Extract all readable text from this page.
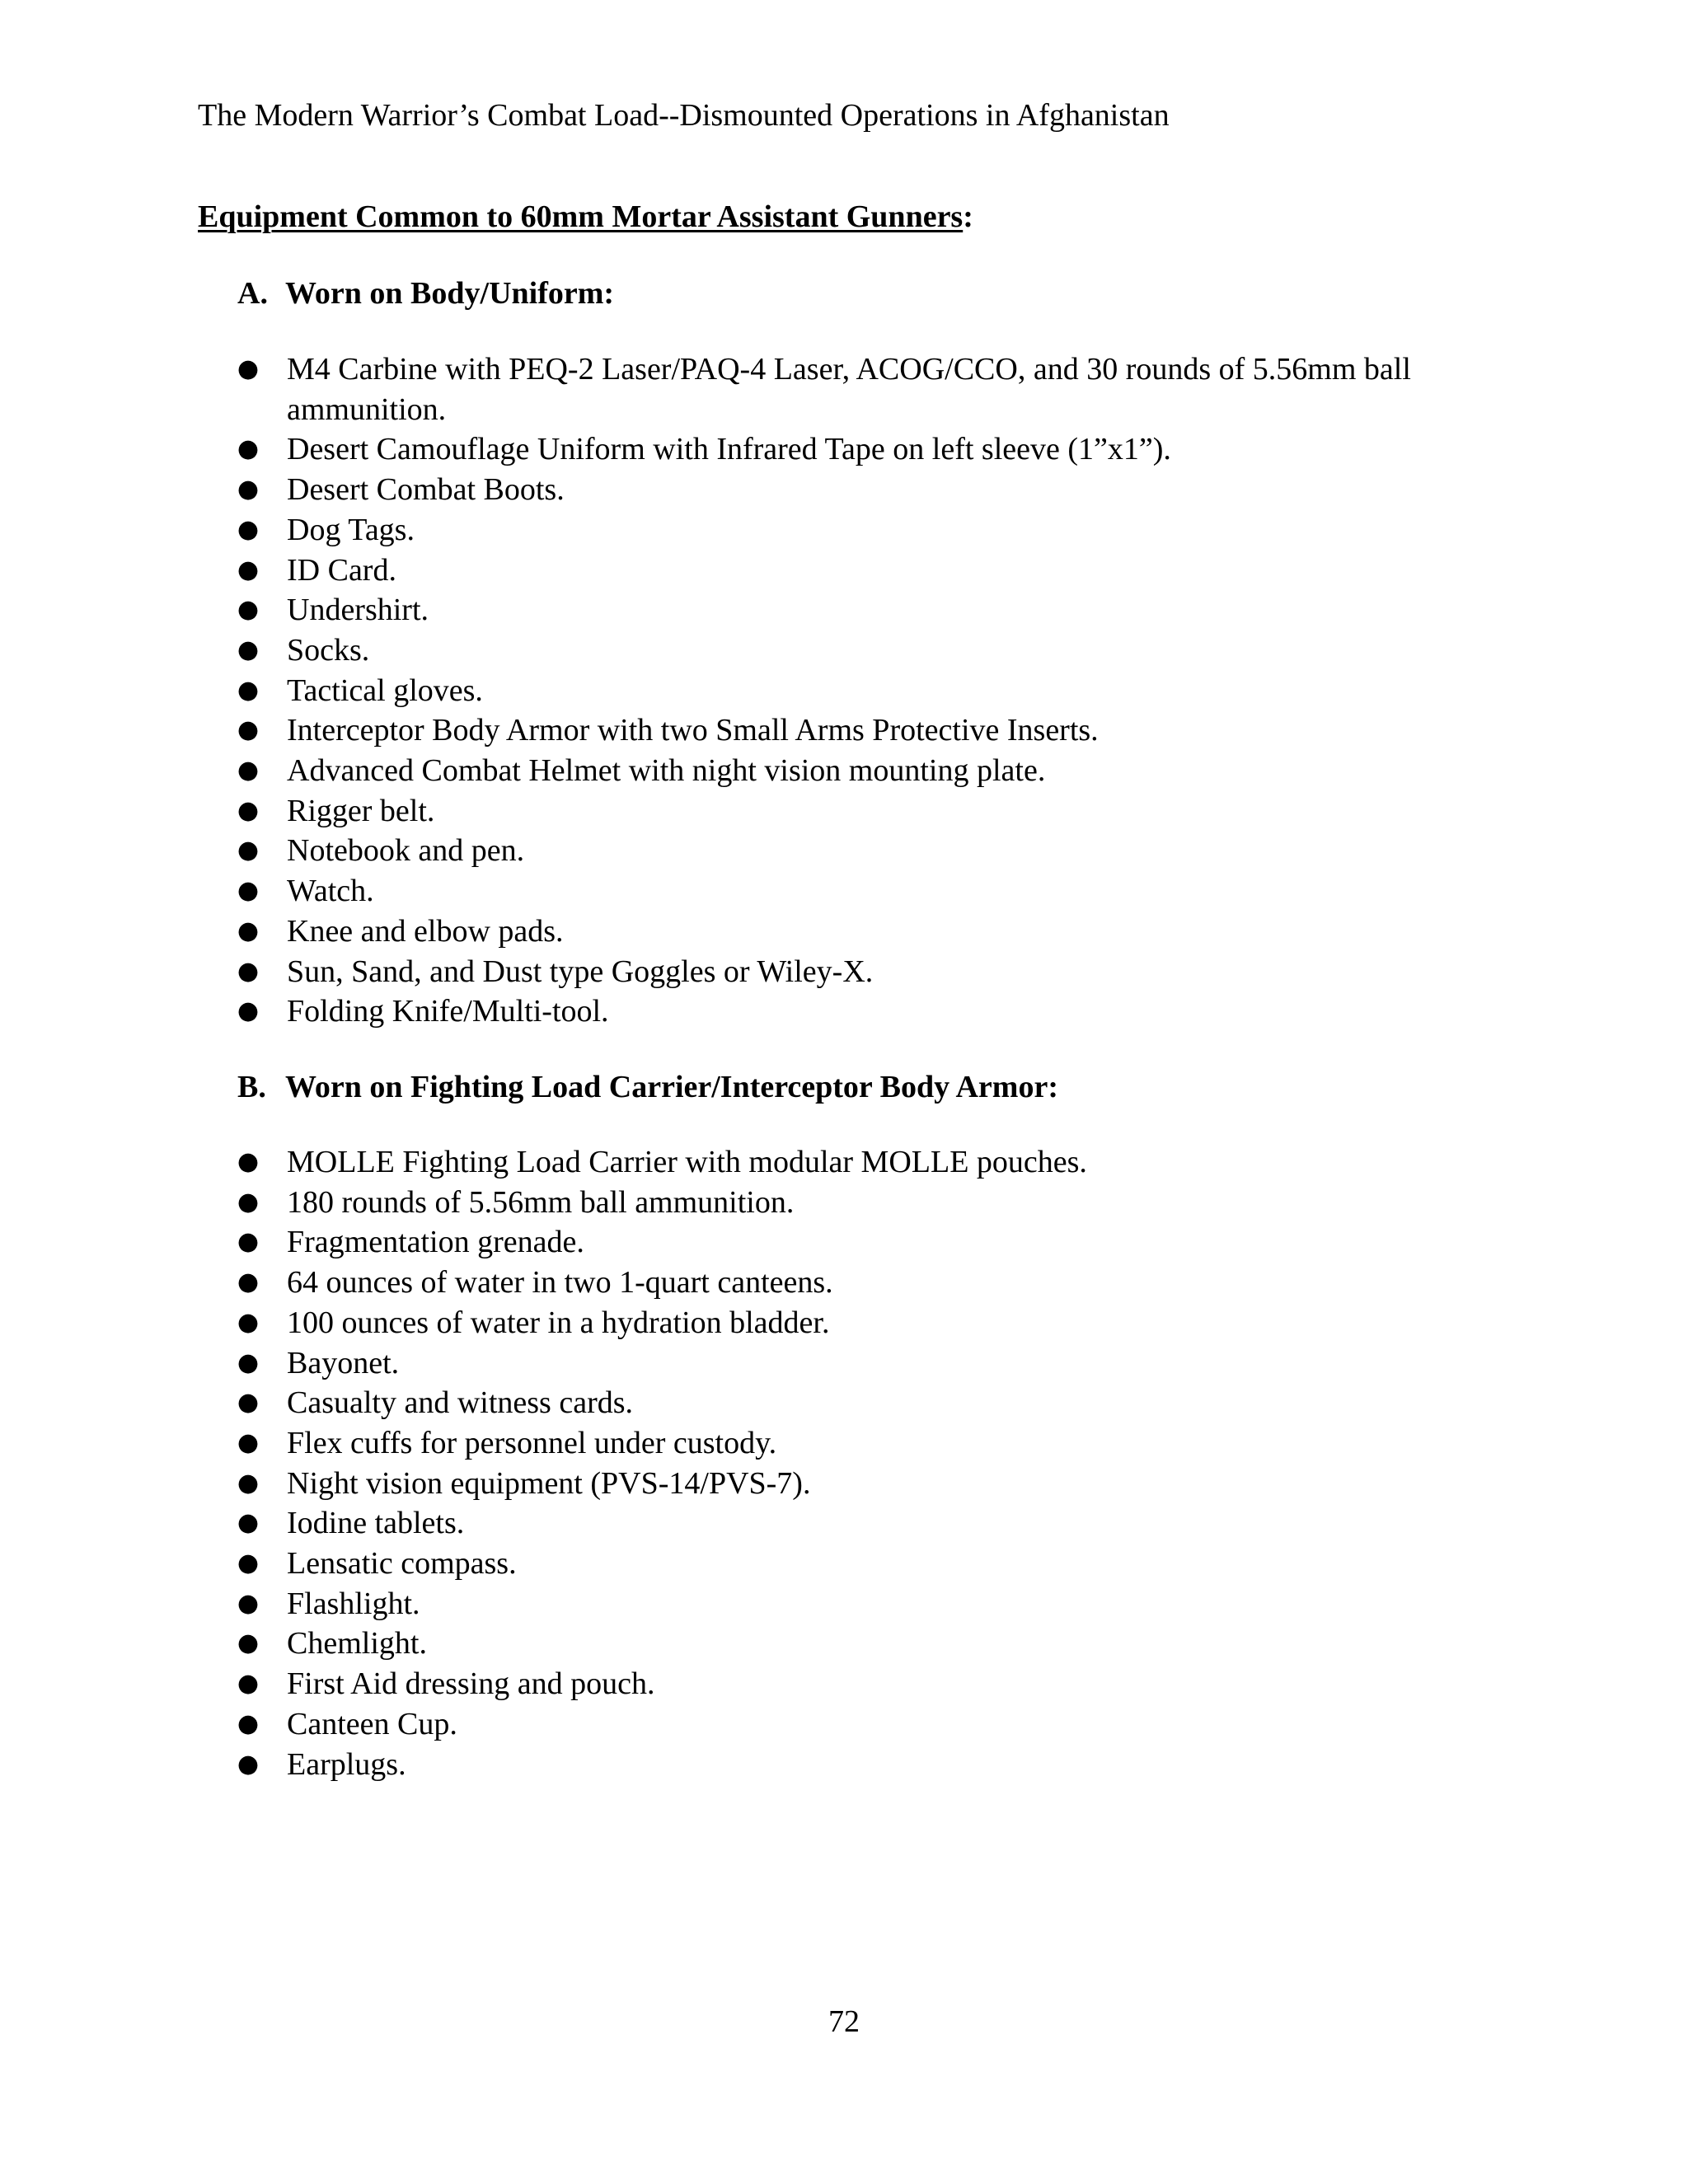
The Modern Warrior’s Combat Load--Dismounted Operations in Afghanistan
Equipment Common to 60mm Mortar Assistant Gunners:
A. Worn on Body/Uniform:
● M4 Carbine with PEQ-2 Laser/PAQ-4 Laser, ACOG/CCO, and 30 rounds of 5.56mm ball
ammunition.
● Desert Camouflage Uniform with Infrared Tape on left sleeve (1”x1”).
● Desert Combat Boots.
● Dog Tags.
● ID Card.
● Undershirt.
● Socks.
● Tactical gloves.
● Interceptor Body Armor with two Small Arms Protective Inserts.
● Advanced Combat Helmet with night vision mounting plate.
● Rigger belt.
● Notebook and pen.
● Watch.
● Knee and elbow pads.
● Sun, Sand, and Dust type Goggles or Wiley-X.
● Folding Knife/Multi-tool.
B. Worn on Fighting Load Carrier/Interceptor Body Armor:
● MOLLE Fighting Load Carrier with modular MOLLE pouches.
● 180 rounds of 5.56mm ball ammunition.
● Fragmentation grenade.
● 64 ounces of water in two 1-quart canteens.
● 100 ounces of water in a hydration bladder.
● Bayonet.
● Casualty and witness cards.
● Flex cuffs for personnel under custody.
● Night vision equipment (PVS-14/PVS-7).
● Iodine tablets.
● Lensatic compass.
● Flashlight.
● Chemlight.
● First Aid dressing and pouch.
● Canteen Cup.
● Earplugs.
72
